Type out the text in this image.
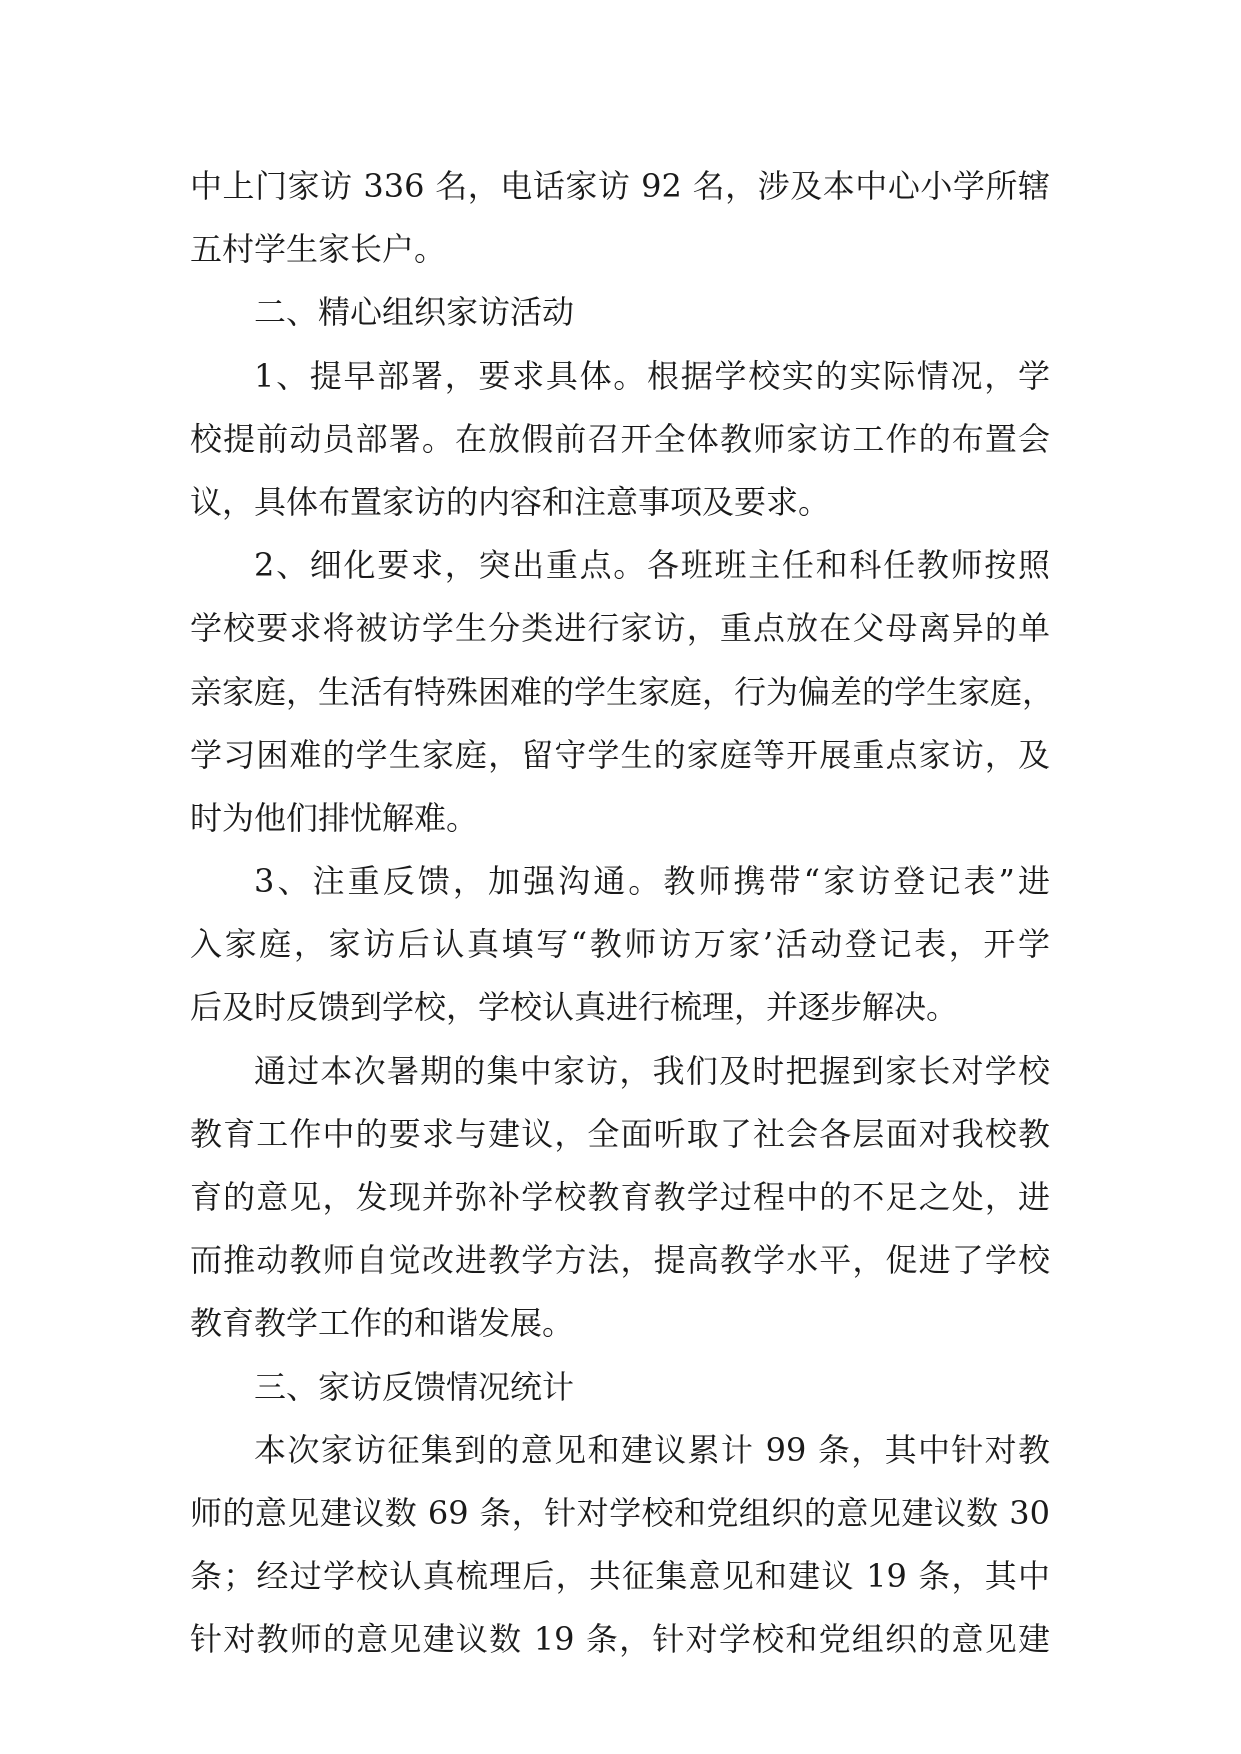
中上门家访 336 名，电话家访 92 名，涉及本中心小学所辖
五村学生家长户。
二、精心组织家访活动
1、提早部署，要求具体。根据学校实的实际情况，学
校提前动员部署。在放假前召开全体教师家访工作的布置会
议，具体布置家访的内容和注意事项及要求。
2、细化要求，突出重点。各班班主任和科任教师按照
学校要求将被访学生分类进行家访，重点放在父母离异的单
亲家庭，生活有特殊困难的学生家庭，行为偏差的学生家庭，
学习困难的学生家庭，留守学生的家庭等开展重点家访，及
时为他们排忧解难。
3、注重反馈，加强沟通。教师携带“家访登记表”进
入家庭，家访后认真填写“教师访万家’活动登记表，开学
后及时反馈到学校，学校认真进行梳理，并逐步解决。
通过本次暑期的集中家访，我们及时把握到家长对学校
教育工作中的要求与建议，全面听取了社会各层面对我校教
育的意见，发现并弥补学校教育教学过程中的不足之处，进
而推动教师自觉改进教学方法，提高教学水平，促进了学校
教育教学工作的和谐发展。
三、家访反馈情况统计
本次家访征集到的意见和建议累计 99 条，其中针对教
师的意见建议数 69 条，针对学校和党组织的意见建议数 30
条；经过学校认真梳理后，共征集意见和建议 19 条，其中
针对教师的意见建议数 19 条，针对学校和党组织的意见建
